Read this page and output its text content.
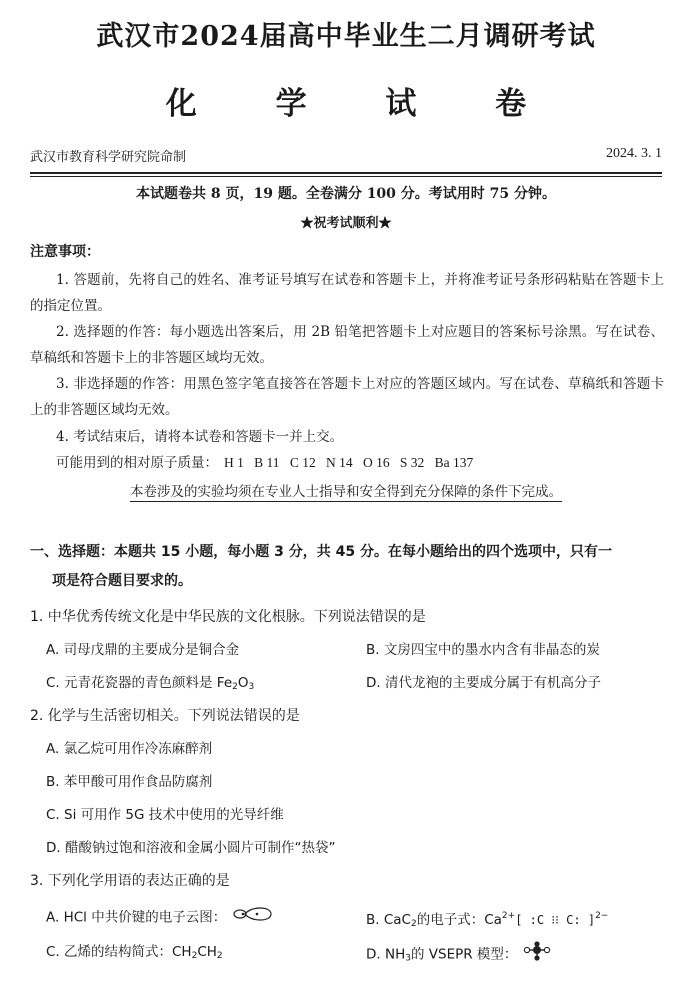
武汉市2024届高中毕业生二月调研考试
化 学 试 卷
武汉市教育科学研究院命制	2024. 3. 1
本试题卷共 8 页，19 题。全卷满分 100 分。考试用时 75 分钟。
★祝考试顺利★
注意事项：
1. 答题前，先将自己的姓名、准考证号填写在试卷和答题卡上，并将准考证号条形码粘贴在答题卡上的指定位置。
2. 选择题的作答：每小题选出答案后，用 2B 铅笔把答题卡上对应题目的答案标号涂黑。写在试卷、草稿纸和答题卡上的非答题区域均无效。
3. 非选择题的作答：用黑色签字笔直接答在答题卡上对应的答题区域内。写在试卷、草稿纸和答题卡上的非答题区域均无效。
4. 考试结束后，请将本试卷和答题卡一并上交。
可能用到的相对原子质量： H 1 B 11 C 12 N 14 O 16 S 32 Ba 137
本卷涉及的实验均须在专业人士指导和安全得到充分保障的条件下完成。
一、选择题：本题共 15 小题，每小题 3 分，共 45 分。在每小题给出的四个选项中，只有一
项是符合题目要求的。
1. 中华优秀传统文化是中华民族的文化根脉。下列说法错误的是
A. 司母戊鼎的主要成分是铜合金	B. 文房四宝中的墨水内含有非晶态的炭
C. 元青花瓷器的青色颜料是 $Fe_2O_3$	D. 清代龙袍的主要成分属于有机高分子
2. 化学与生活密切相关。下列说法错误的是
A. 氯乙烷可用作冷冻麻醉剂
B. 苯甲酸可用作食品防腐剂
C. Si 可用作 5G 技术中使用的光导纤维
D. 醋酸钠过饱和溶液和金属小圆片可制作“热袋”
3. 下列化学用语的表达正确的是
A. HCl 中共价键的电子云图：	B. CaC$_2$的电子式：$Ca^{2+}$[ :C ⁝⁝ C: ]$^{2-}$
C. 乙烯的结构简式：$CH_2CH_2$	D. $NH_3$的 VSEPR 模型：
